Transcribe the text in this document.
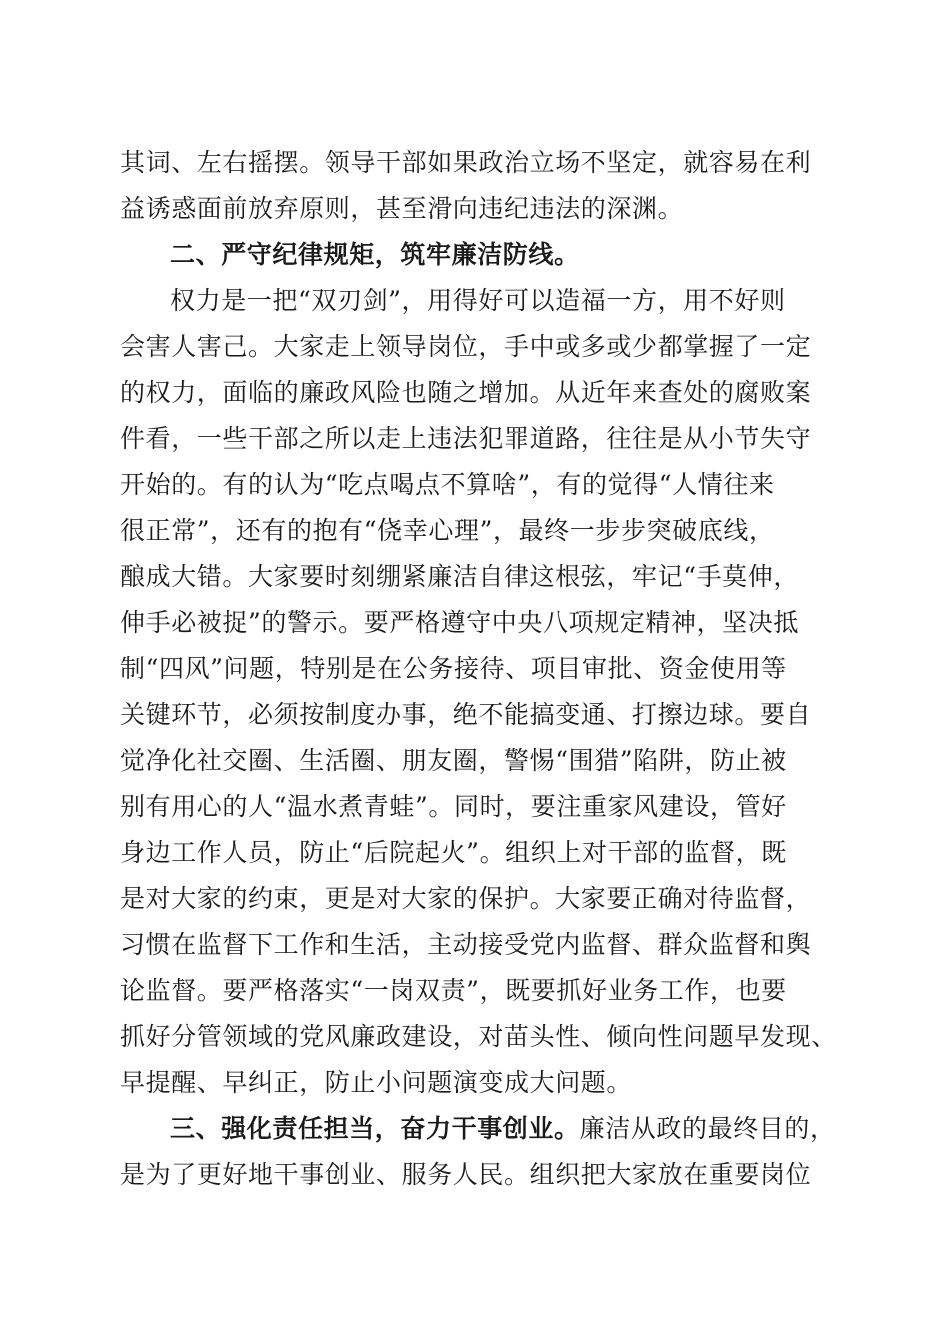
其词、左右摇摆。领导干部如果政治立场不坚定，就容易在利
益诱惑面前放弃原则，甚至滑向违纪违法的深渊。
二、严守纪律规矩，筑牢廉洁防线。
权力是一把“双刃剑”，用得好可以造福一方，用不好则
会害人害己。大家走上领导岗位，手中或多或少都掌握了一定
的权力，面临的廉政风险也随之增加。从近年来查处的腐败案
件看，一些干部之所以走上违法犯罪道路，往往是从小节失守
开始的。有的认为“吃点喝点不算啥”，有的觉得“人情往来
很正常”，还有的抱有“侥幸心理”，最终一步步突破底线，
酿成大错。大家要时刻绷紧廉洁自律这根弦，牢记“手莫伸，
伸手必被捉”的警示。要严格遵守中央八项规定精神，坚决抵
制“四风”问题，特别是在公务接待、项目审批、资金使用等
关键环节，必须按制度办事，绝不能搞变通、打擦边球。要自
觉净化社交圈、生活圈、朋友圈，警惕“围猎”陷阱，防止被
别有用心的人“温水煮青蛙”。同时，要注重家风建设，管好
身边工作人员，防止“后院起火”。组织上对干部的监督，既
是对大家的约束，更是对大家的保护。大家要正确对待监督，
习惯在监督下工作和生活，主动接受党内监督、群众监督和舆
论监督。要严格落实“一岗双责”，既要抓好业务工作，也要
抓好分管领域的党风廉政建设，对苗头性、倾向性问题早发现、
早提醒、早纠正，防止小问题演变成大问题。
三、强化责任担当，奋力干事创业。廉洁从政的最终目的，
是为了更好地干事创业、服务人民。组织把大家放在重要岗位
